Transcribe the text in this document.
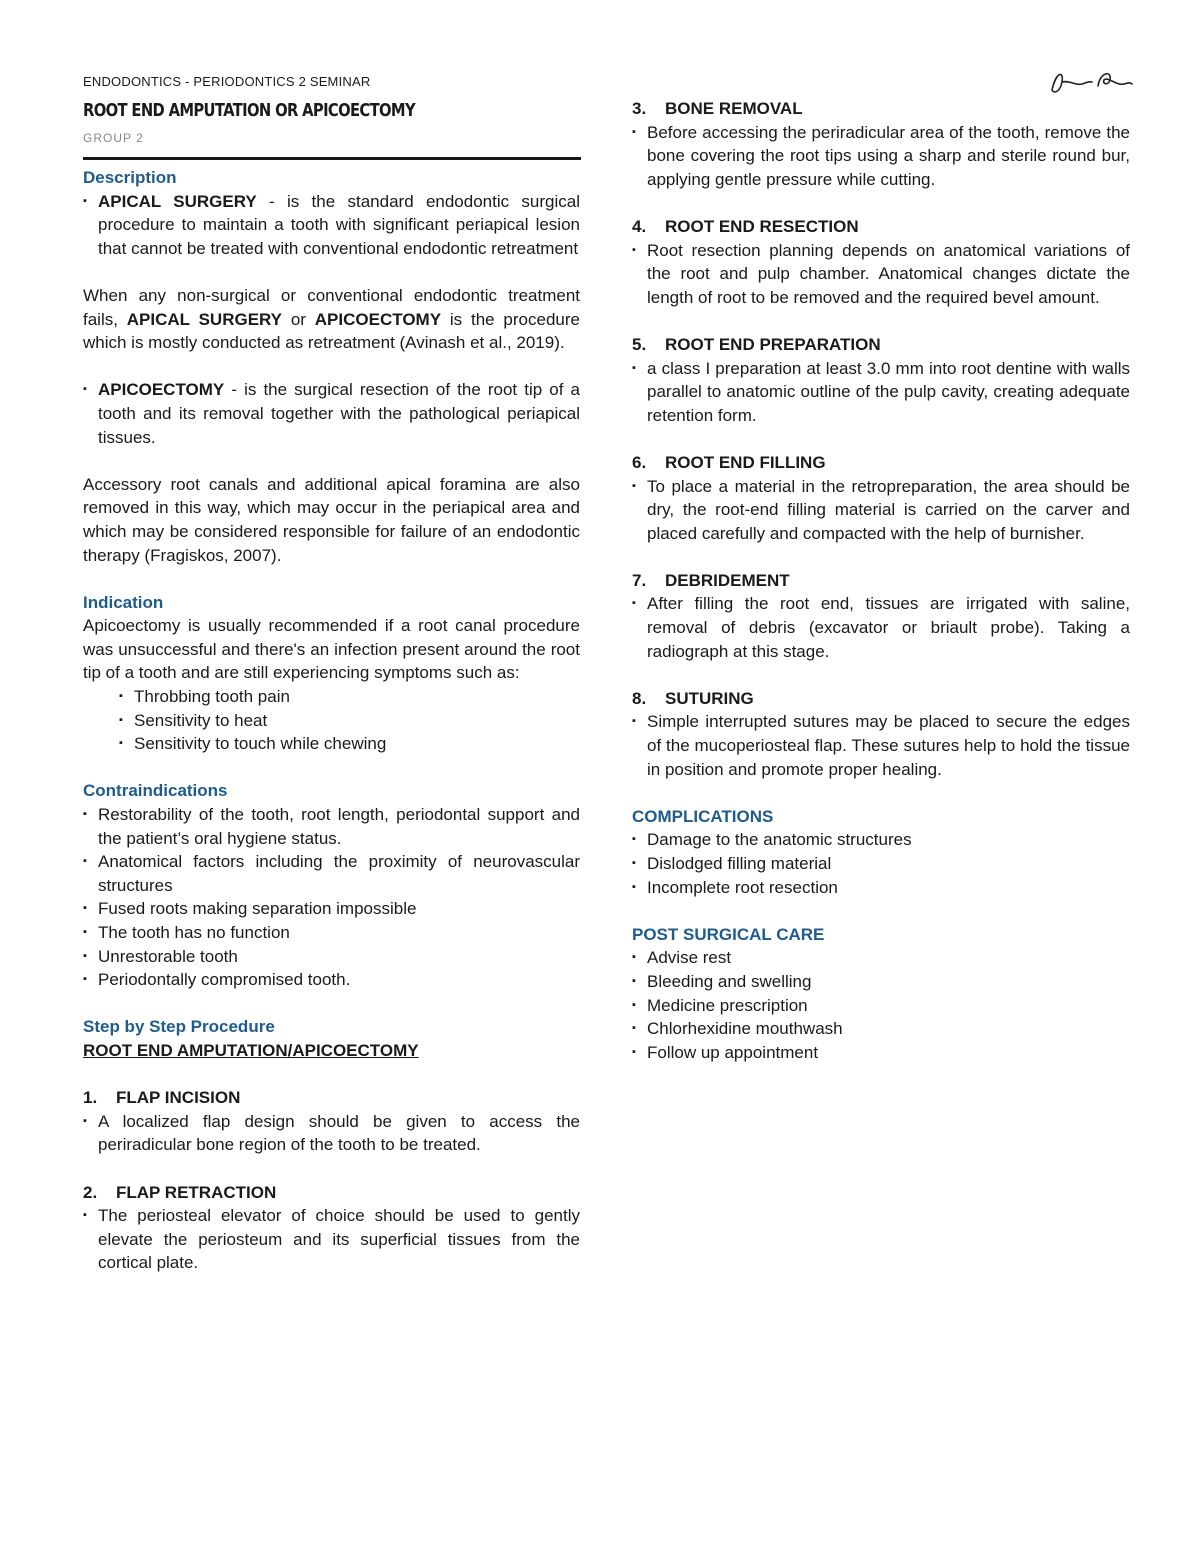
ENDODONTICS - PERIODONTICS 2 SEMINAR
ROOT END AMPUTATION OR APICOECTOMY
GROUP 2
Description
▪ APICAL SURGERY - is the standard endodontic surgical procedure to maintain a tooth with significant periapical lesion that cannot be treated with conventional endodontic retreatment
When any non-surgical or conventional endodontic treatment fails, APICAL SURGERY or APICOECTOMY is the procedure which is mostly conducted as retreatment (Avinash et al., 2019).
▪ APICOECTOMY - is the surgical resection of the root tip of a tooth and its removal together with the pathological periapical tissues.
Accessory root canals and additional apical foramina are also removed in this way, which may occur in the periapical area and which may be considered responsible for failure of an endodontic therapy (Fragiskos, 2007).
Indication
Apicoectomy is usually recommended if a root canal procedure was unsuccessful and there's an infection present around the root tip of a tooth and are still experiencing symptoms such as:
▪ Throbbing tooth pain
▪ Sensitivity to heat
▪ Sensitivity to touch while chewing
Contraindications
▪ Restorability of the tooth, root length, periodontal support and the patient’s oral hygiene status.
▪ Anatomical factors including the proximity of neurovascular structures
▪ Fused roots making separation impossible
▪ The tooth has no function
▪ Unrestorable tooth
▪ Periodontally compromised tooth.
Step by Step Procedure
ROOT END AMPUTATION/APICOECTOMY
1. FLAP INCISION
▪ A localized flap design should be given to access the periradicular bone region of the tooth to be treated.
2. FLAP RETRACTION
▪ The periosteal elevator of choice should be used to gently elevate the periosteum and its superficial tissues from the cortical plate.
3. BONE REMOVAL
▪ Before accessing the periradicular area of the tooth, remove the bone covering the root tips using a sharp and sterile round bur, applying gentle pressure while cutting.
4. ROOT END RESECTION
▪ Root resection planning depends on anatomical variations of the root and pulp chamber. Anatomical changes dictate the length of root to be removed and the required bevel amount.
5. ROOT END PREPARATION
▪ a class I preparation at least 3.0 mm into root dentine with walls parallel to anatomic outline of the pulp cavity, creating adequate retention form.
6. ROOT END FILLING
▪ To place a material in the retropreparation, the area should be dry, the root-end filling material is carried on the carver and placed carefully and compacted with the help of burnisher.
7. DEBRIDEMENT
▪ After filling the root end, tissues are irrigated with saline, removal of debris (excavator or briault probe). Taking a radiograph at this stage.
8. SUTURING
▪ Simple interrupted sutures may be placed to secure the edges of the mucoperiosteal flap. These sutures help to hold the tissue in position and promote proper healing.
COMPLICATIONS
▪ Damage to the anatomic structures
▪ Dislodged filling material
▪ Incomplete root resection
POST SURGICAL CARE
▪ Advise rest
▪ Bleeding and swelling
▪ Medicine prescription
▪ Chlorhexidine mouthwash
▪ Follow up appointment
